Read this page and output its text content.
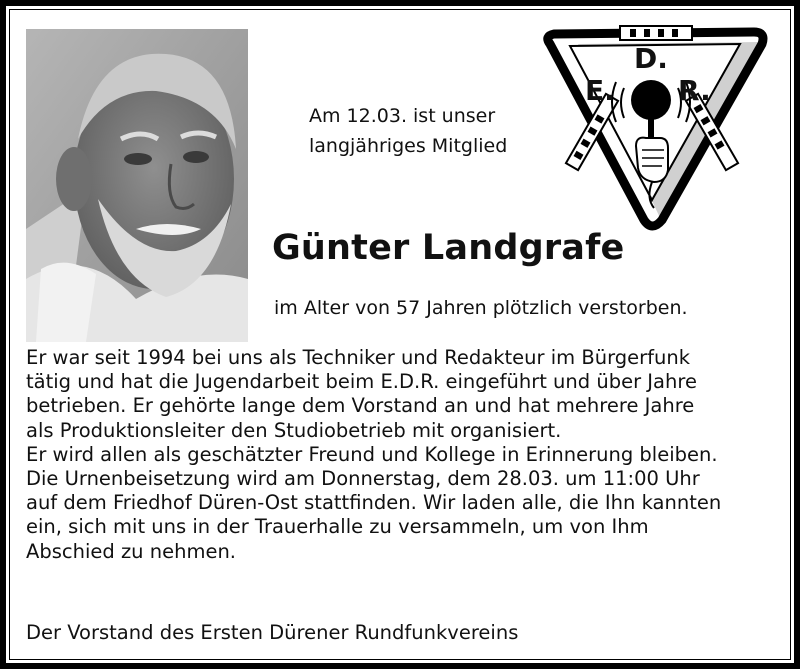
Am 12.03. ist unser
langjähriges Mitglied
D.
E. R.
Günter Landgrafe
im Alter von 57 Jahren plötzlich verstorben.
Er war seit 1994 bei uns als Techniker und Redakteur im Bürgerfunk
tätig und hat die Jugendarbeit beim E.D.R. eingeführt und über Jahre
betrieben. Er gehörte lange dem Vorstand an und hat mehrere Jahre
als Produktionsleiter den Studiobetrieb mit organisiert.
Er wird allen als geschätzter Freund und Kollege in Erinnerung bleiben.
Die Urnenbeisetzung wird am Donnerstag, dem 28.03. um 11:00 Uhr
auf dem Friedhof Düren-Ost stattfinden. Wir laden alle, die Ihn kannten
ein, sich mit uns in der Trauerhalle zu versammeln, um von Ihm
Abschied zu nehmen.
Der Vorstand des Ersten Dürener Rundfunkvereins
